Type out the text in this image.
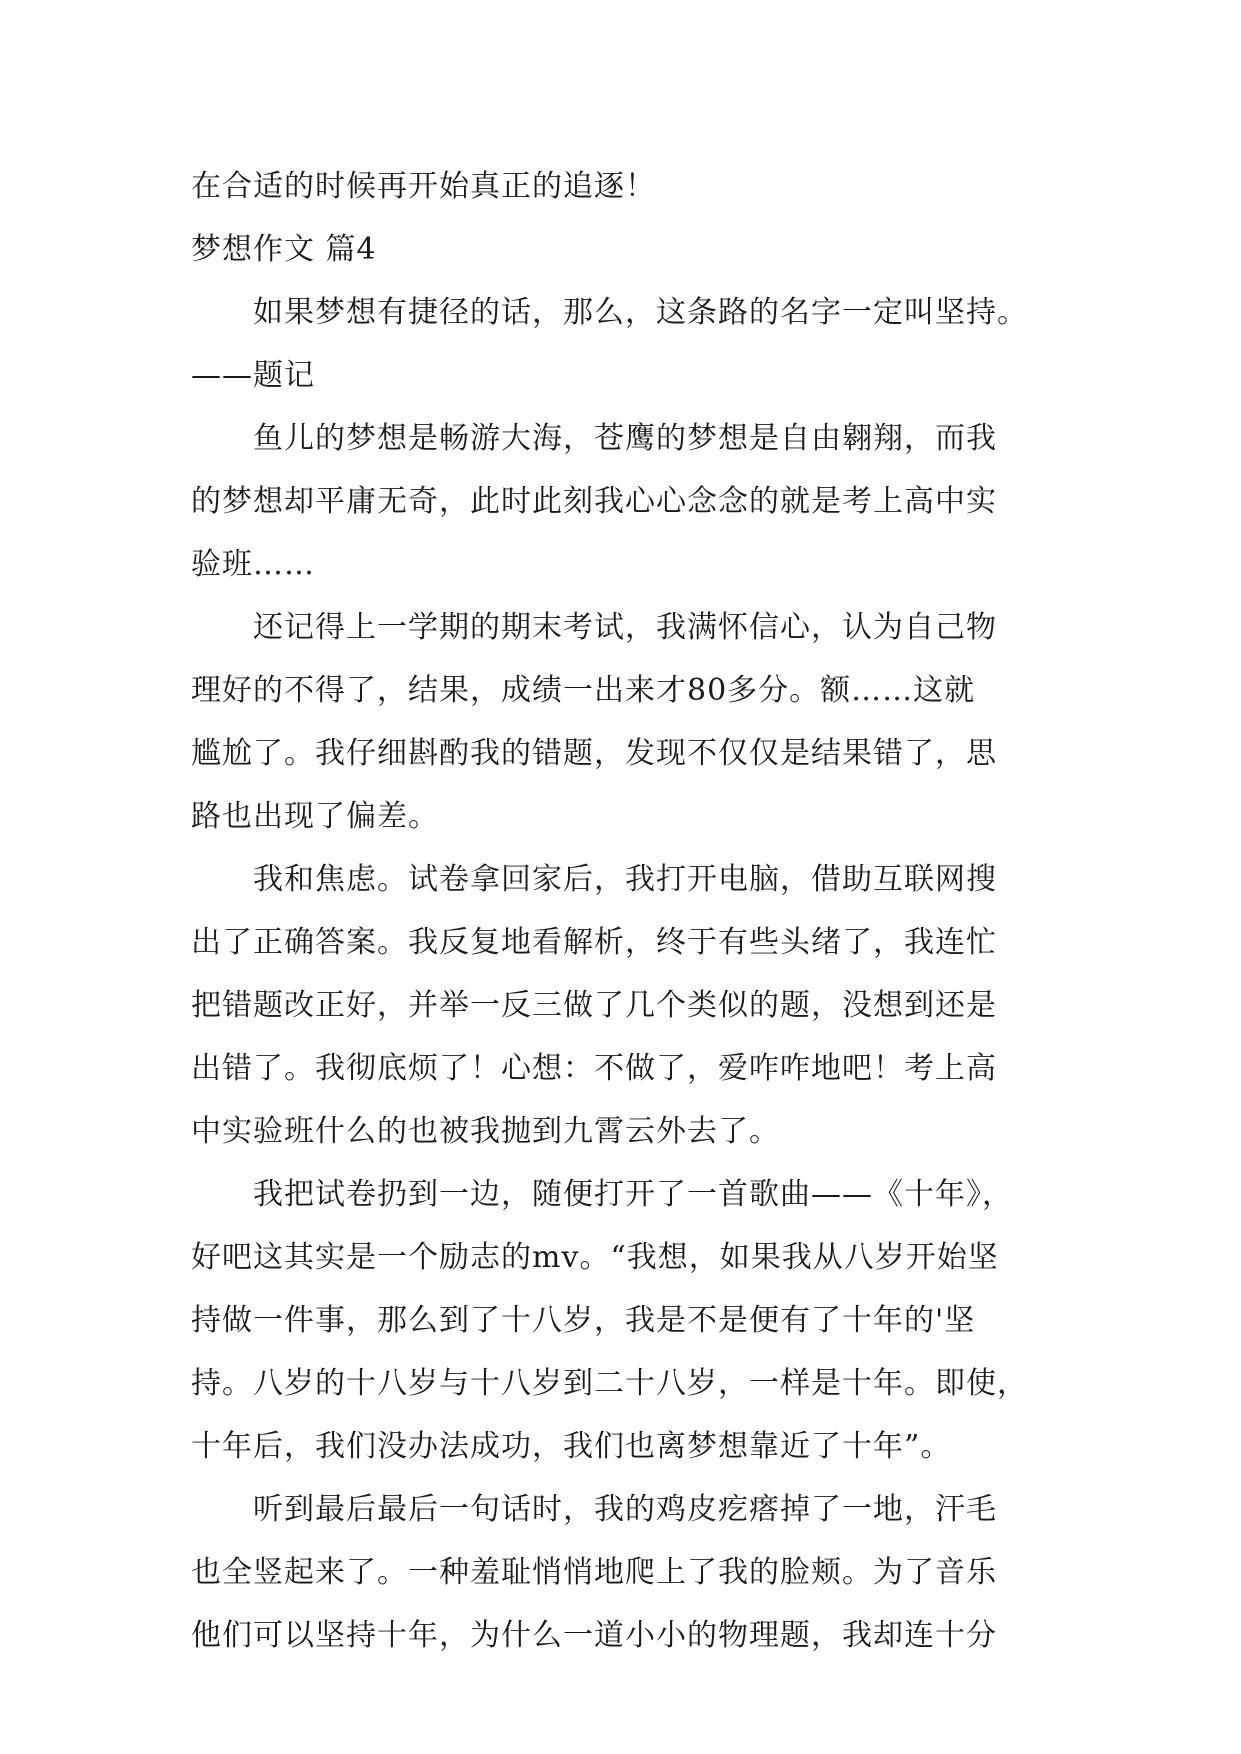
在合适的时候再开始真正的追逐！

梦想作文 篇4

如果梦想有捷径的话，那么，这条路的名字一定叫坚持。

——题记

鱼儿的梦想是畅游大海，苍鹰的梦想是自由翱翔，而我

的梦想却平庸无奇，此时此刻我心心念念的就是考上高中实

验班……

还记得上一学期的期末考试，我满怀信心，认为自己物

理好的不得了，结果，成绩一出来才80多分。额……这就

尴尬了。我仔细斟酌我的错题，发现不仅仅是结果错了，思

路也出现了偏差。

我和焦虑。试卷拿回家后，我打开电脑，借助互联网搜

出了正确答案。我反复地看解析，终于有些头绪了，我连忙

把错题改正好，并举一反三做了几个类似的题，没想到还是

出错了。我彻底烦了！心想：不做了，爱咋咋地吧！考上高

中实验班什么的也被我抛到九霄云外去了。

我把试卷扔到一边，随便打开了一首歌曲——《十年》，

好吧这其实是一个励志的mv。“我想，如果我从八岁开始坚

持做一件事，那么到了十八岁，我是不是便有了十年的'坚

持。八岁的十八岁与十八岁到二十八岁，一样是十年。即使，

十年后，我们没办法成功，我们也离梦想靠近了十年”。

听到最后最后一句话时，我的鸡皮疙瘩掉了一地，汗毛

也全竖起来了。一种羞耻悄悄地爬上了我的脸颊。为了音乐

他们可以坚持十年，为什么一道小小的物理题，我却连十分
